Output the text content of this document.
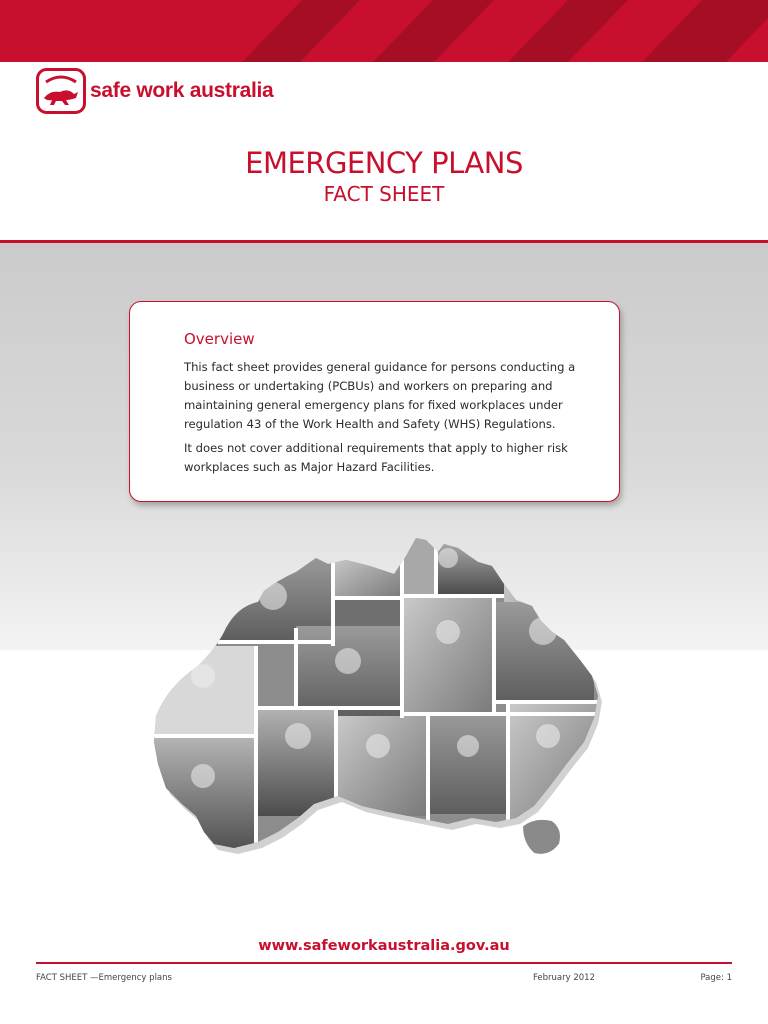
safe work australia
EMERGENCY PLANS
FACT SHEET
Overview
This fact sheet provides general guidance for persons conducting a business or undertaking (PCBUs) and workers on preparing and maintaining general emergency plans for fixed workplaces under regulation 43 of the Work Health and Safety (WHS) Regulations.
It does not cover additional requirements that apply to higher risk workplaces such as Major Hazard Facilities.
www.safeworkaustralia.gov.au
FACT SHEET —Emergency plans	February 2012	Page: 1
